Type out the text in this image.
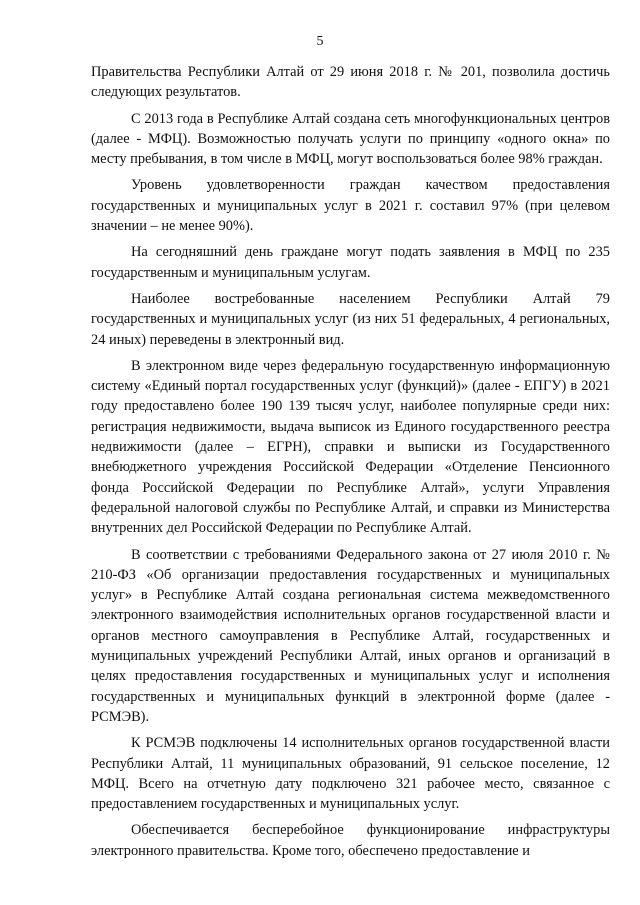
5

Правительства Республики Алтай от 29 июня 2018 г. № 201, позволила достичь следующих результатов.

С 2013 года в Республике Алтай создана сеть многофункциональных центров (далее - МФЦ). Возможностью получать услуги по принципу «одного окна» по месту пребывания, в том числе в МФЦ, могут воспользоваться более 98% граждан.

Уровень удовлетворенности граждан качеством предоставления государственных и муниципальных услуг в 2021 г. составил 97% (при целевом значении – не менее 90%).

На сегодняшний день граждане могут подать заявления в МФЦ по 235 государственным и муниципальным услугам.

Наиболее востребованные населением Республики Алтай 79 государственных и муниципальных услуг (из них 51 федеральных, 4 региональных, 24 иных) переведены в электронный вид.

В электронном виде через федеральную государственную информационную систему «Единый портал государственных услуг (функций)» (далее - ЕПГУ) в 2021 году предоставлено более 190 139 тысяч услуг, наиболее популярные среди них: регистрация недвижимости, выдача выписок из Единого государственного реестра недвижимости (далее – ЕГРН), справки и выписки из Государственного внебюджетного учреждения Российской Федерации «Отделение Пенсионного фонда Российской Федерации по Республике Алтай», услуги Управления федеральной налоговой службы по Республике Алтай, и справки из Министерства внутренних дел Российской Федерации по Республике Алтай.

В соответствии с требованиями Федерального закона от 27 июля 2010 г. № 210-ФЗ «Об организации предоставления государственных и муниципальных услуг» в Республике Алтай создана региональная система межведомственного электронного взаимодействия исполнительных органов государственной власти и органов местного самоуправления в Республике Алтай, государственных и муниципальных учреждений Республики Алтай, иных органов и организаций в целях предоставления государственных и муниципальных услуг и исполнения государственных и муниципальных функций в электронной форме (далее - РСМЭВ).

К РСМЭВ подключены 14 исполнительных органов государственной власти Республики Алтай, 11 муниципальных образований, 91 сельское поселение, 12 МФЦ. Всего на отчетную дату подключено 321 рабочее место, связанное с предоставлением государственных и муниципальных услуг.

Обеспечивается бесперебойное функционирование инфраструктуры электронного правительства. Кроме того, обеспечено предоставление и
